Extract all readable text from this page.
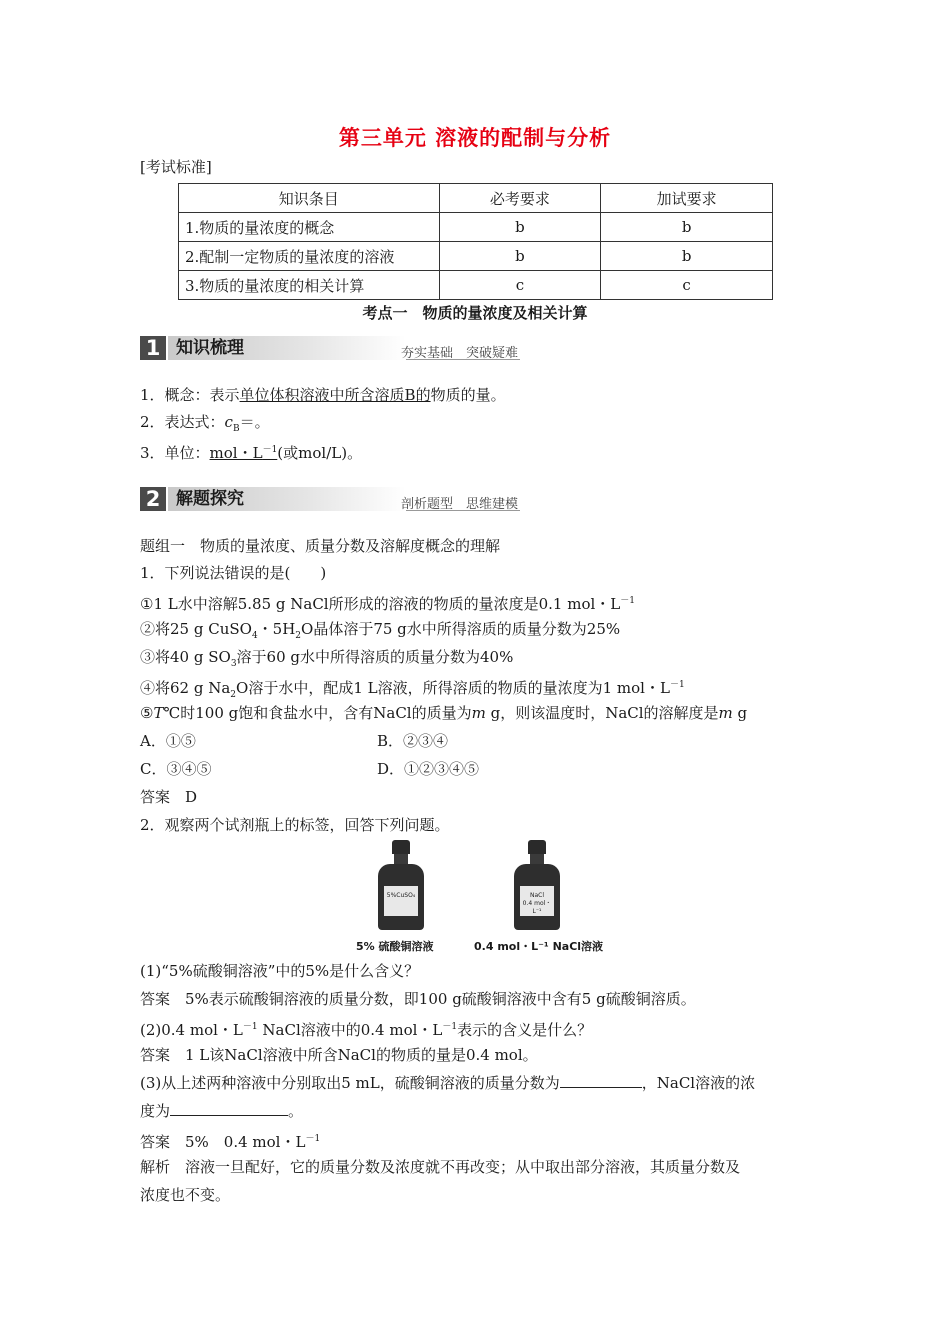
第三单元 溶液的配制与分析
[考试标准]
知识条目	必考要求	加试要求
1.物质的量浓度的概念	b	b
2.配制一定物质的量浓度的溶液	b	b
3.物质的量浓度的相关计算	c	c
考点一　物质的量浓度及相关计算
1 知识梳理	夯实基础　突破疑难
1．概念：表示单位体积溶液中所含溶质B的物质的量。
2．表达式：$c_B=$。
3．单位：mol・$L^{-1}$(或mol/L)。
2 解题探究	剖析题型　思维建模
题组一　物质的量浓度、质量分数及溶解度概念的理解
1．下列说法错误的是(　　)
①1 L水中溶解5.85 g NaCl所形成的溶液的物质的量浓度是0.1 mol・$L^{-1}$
②将25 g CuSO$_4$・$5H_2O$晶体溶于75 g水中所得溶质的质量分数为25%
③将40 g $SO_3$溶于60 g水中所得溶质的质量分数为40%
④将62 g $Na_2O$溶于水中，配成1 L溶液，所得溶质的物质的量浓度为1 mol・$L^{-1}$
⑤T℃时100 g饱和食盐水中，含有NaCl的质量为m g，则该温度时，NaCl的溶解度是m g
A．①⑤	B．②③④
C．③④⑤	D．①②③④⑤
答案　D
2．观察两个试剂瓶上的标签，回答下列问题。
5%CuSO₄	NaCl
0.4 mol・L⁻¹
5% 硫酸铜溶液	0.4 mol・L⁻¹ NaCl溶液
(1)“5%硫酸铜溶液”中的5%是什么含义？
答案　5%表示硫酸铜溶液的质量分数，即100 g硫酸铜溶液中含有5 g硫酸铜溶质。
(2)0.4 mol・$L^{-1}$ NaCl溶液中的0.4 mol・$L^{-1}$表示的含义是什么？
答案　1 L该NaCl溶液中所含NaCl的物质的量是0.4 mol。
(3)从上述两种溶液中分别取出5 mL，硫酸铜溶液的质量分数为	，NaCl溶液的浓
度为	。
答案　5%　0.4 mol・$L^{-1}$
解析　溶液一旦配好，它的质量分数及浓度就不再改变；从中取出部分溶液，其质量分数及
浓度也不变。
